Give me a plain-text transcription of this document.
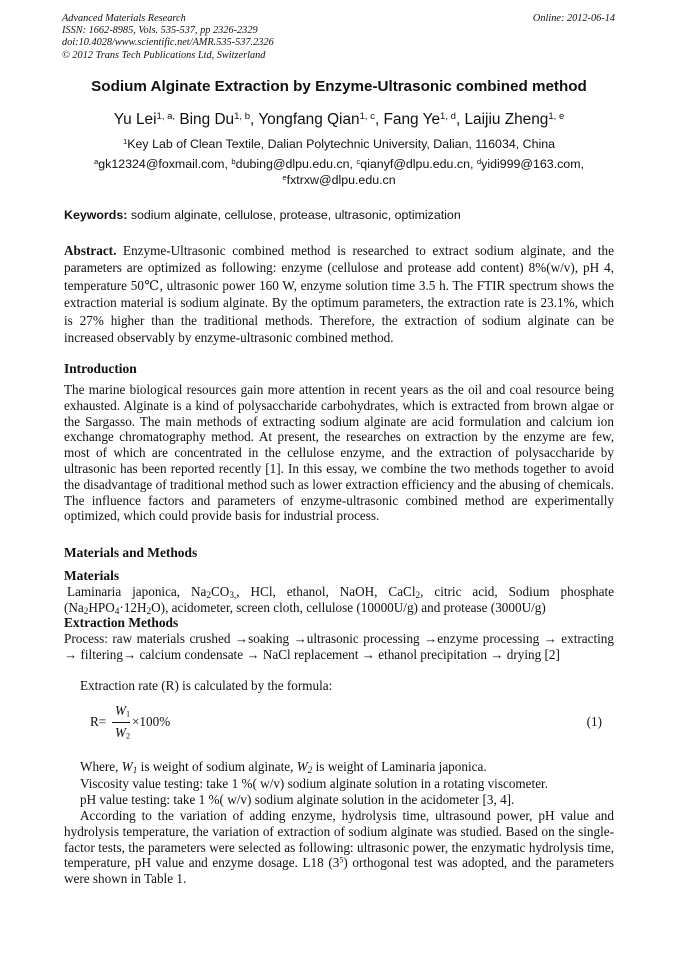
Advanced Materials Research
ISSN: 1662-8985, Vols. 535-537, pp 2326-2329
doi:10.4028/www.scientific.net/AMR.535-537.2326
© 2012 Trans Tech Publications Ltd, Switzerland
Online: 2012-06-14
Sodium Alginate Extraction by Enzyme-Ultrasonic combined method
Yu Lei$^{1, a,}$ Bing Du$^{1, b}$, Yongfang Qian$^{1, c}$, Fang Ye$^{1, d}$, Laijiu Zheng$^{1, e}$
$^1$Key Lab of Clean Textile, Dalian Polytechnic University, Dalian, 116034, China
$^a$gk12324@foxmail.com, $^b$dubing@dlpu.edu.cn, $^c$qianyf@dlpu.edu.cn, $^d$yidi999@163.com,
$^e$fxtrxw@dlpu.edu.cn
Keywords: sodium alginate, cellulose, protease, ultrasonic, optimization
Abstract. Enzyme-Ultrasonic combined method is researched to extract sodium alginate, and the parameters are optimized as following: enzyme (cellulose and protease add content) 8%(w/v), pH 4, temperature 50℃, ultrasonic power 160 W, enzyme solution time 3.5 h. The FTIR spectrum shows the extraction material is sodium alginate. By the optimum parameters, the extraction rate is 23.1%, which is 27% higher than the traditional methods. Therefore, the extraction of sodium alginate can be increased observably by enzyme-ultrasonic combined method.
Introduction
The marine biological resources gain more attention in recent years as the oil and coal resource being exhausted. Alginate is a kind of polysaccharide carbohydrates, which is extracted from brown algae or the Sargasso. The main methods of extracting sodium alginate are acid formulation and calcium ion exchange chromatography method. At present, the researches on extraction by the enzyme are few, most of which are concentrated in the cellulose enzyme, and the extraction of polysaccharide by ultrasonic has been reported recently [1]. In this essay, we combine the two methods together to avoid the disadvantage of traditional method such as lower extraction efficiency and the abusing of chemicals. The influence factors and parameters of enzyme-ultrasonic combined method are experimentally optimized, which could provide basis for industrial process.
Materials and Methods
Materials
Laminaria japonica, $Na_2CO_{3,}$, HCl, ethanol, NaOH, CaCl$_2$, citric acid, Sodium phosphate $(Na_2HPO_4\cdot 12H_2O)$, acidometer, screen cloth, cellulose (10000U/g) and protease (3000U/g)
Extraction Methods
Process: raw materials crushed →soaking →ultrasonic processing →enzyme processing → extracting → filtering→ calcium condensate → NaCl replacement → ethanol precipitation → drying [2]
Extraction rate (R) is calculated by the formula:
R=
$W_1$
$W_2$
×100%	(1)
Where, $W_1$ is weight of sodium alginate, $W_2$ is weight of Laminaria japonica.
Viscosity value testing: take 1 %( w/v) sodium alginate solution in a rotating viscometer.
pH value testing: take 1 %( w/v) sodium alginate solution in the acidometer [3, 4].
According to the variation of adding enzyme, hydrolysis time, ultrasound power, pH value and hydrolysis temperature, the variation of extraction of sodium alginate was studied. Based on the single-factor tests, the parameters were selected as following: ultrasonic power, the enzymatic hydrolysis time, temperature, pH value and enzyme dosage. L18 $(3^5)$ orthogonal test was adopted, and the parameters were shown in Table 1.
